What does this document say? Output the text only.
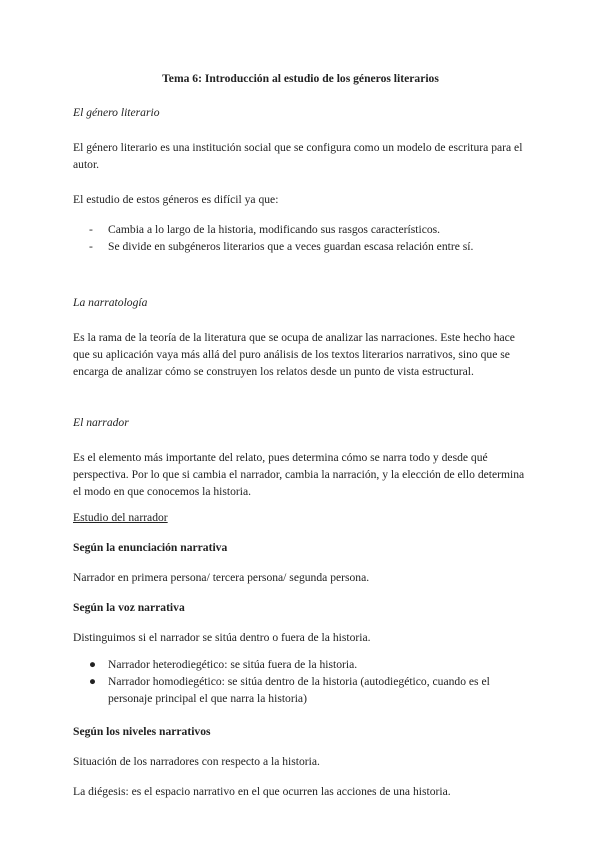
Tema 6: Introducción al estudio de los géneros literarios
El género literario

El género literario es una institución social que se configura como un modelo de escritura para el autor.

El estudio de estos géneros es difícil ya que:

- Cambia a lo largo de la historia, modificando sus rasgos característicos.
- Se divide en subgéneros literarios que a veces guardan escasa relación entre sí.
La narratología

Es la rama de la teoría de la literatura que se ocupa de analizar las narraciones. Este hecho hace que su aplicación vaya más allá del puro análisis de los textos literarios narrativos, sino que se encarga de analizar cómo se construyen los relatos desde un punto de vista estructural.

El narrador

Es el elemento más importante del relato, pues determina cómo se narra todo y desde qué perspectiva. Por lo que si cambia el narrador, cambia la narración, y la elección de ello determina el modo en que conocemos la historia.

Estudio del narrador
Según la enunciación narrativa

Narrador en primera persona/ tercera persona/ segunda persona.

Según la voz narrativa

Distinguimos si el narrador se sitúa dentro o fuera de la historia.

● Narrador heterodiegético: se sitúa fuera de la historia.
● Narrador homodiegético: se sitúa dentro de la historia (autodiegético, cuando es el personaje principal el que narra la historia)
Según los niveles narrativos

Situación de los narradores con respecto a la historia.

La diégesis: es el espacio narrativo en el que ocurren las acciones de una historia.
